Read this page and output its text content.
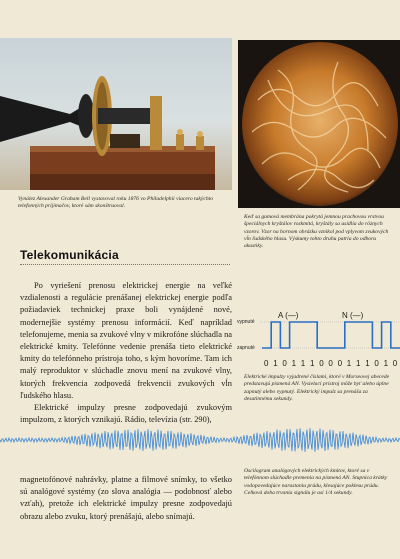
Vynález Alexander Graham Bell vystavoval roku 1876 vo Philadelphii viacero takýchto telefonných prijímačov, ktoré sám skonštruoval.
Keď sa gumová membrána pokrytá jemnou prachovou vrstvou špeciálnych kryštálov rozkmitá, kryštály sa usídlia do rôznych vzorov. Vzor na hornom obrázku vznikol pod vplyvom zvukových vĺn ľudského hlasu. Výskumy tohto druhu patria do odboru akustiky.
Telekomunikácia

Po vyriešení prenosu elektrickej energie na veľké vzdialenosti a regulácie prenášanej elektrickej energie podľa požiadaviek technickej praxe boli vynájdené nové, modernejšie systémy prenosu informácií. Keď napríklad telefonujeme, menia sa zvukové vlny v mikrofóne slúchadla na elektrické kmity. Telefónne vedenie prenáša tieto elektrické kmity do telefónneho prístroja toho, s kým hovoríme. Tam ich malý reproduktor v slúchadle znovu mení na zvukové vlny, ktorých frekvencia zodpovedá frekvencii zvukových vĺn ľudského hlasu.

Elektrické impulzy presne zodpovedajú zvukovým impulzom, z ktorých vznikajú. Rádio, televízia (str. 290),

vypnuté
zapnuté
A (—)	N (—)
0 1 0 1 1 1 0 0 0 1 1 1 0 1 0
Elektrické impulzy vyjadrené číslami, ktoré v Morseovej abecede predstavujú písmená AN. Vysielací prístroj môže byť alebo úplne zapnutý alebo vypnutý. Elektrický impulz sa prenáša za desatinnému sekundy.

magnetofónové nahrávky, platne a filmové snímky, to všetko sú analógové systémy (zo slova analógia — podobnosť alebo vzťah), pretože ich elektrické impulzy presne zodpovedajú obrazu alebo zvuku, ktorý prenášajú, alebo snímajú.

Oscilogram analógových elektrických kmitov, ktoré sa v telefónnom slúchadle premenia na písmená AN. Stupnica krátky vodopovedajúce narastaniu prúdu, klesajúce poklesu prúdu. Celková doba trvania signálu je asi 1/4 sekundy.
